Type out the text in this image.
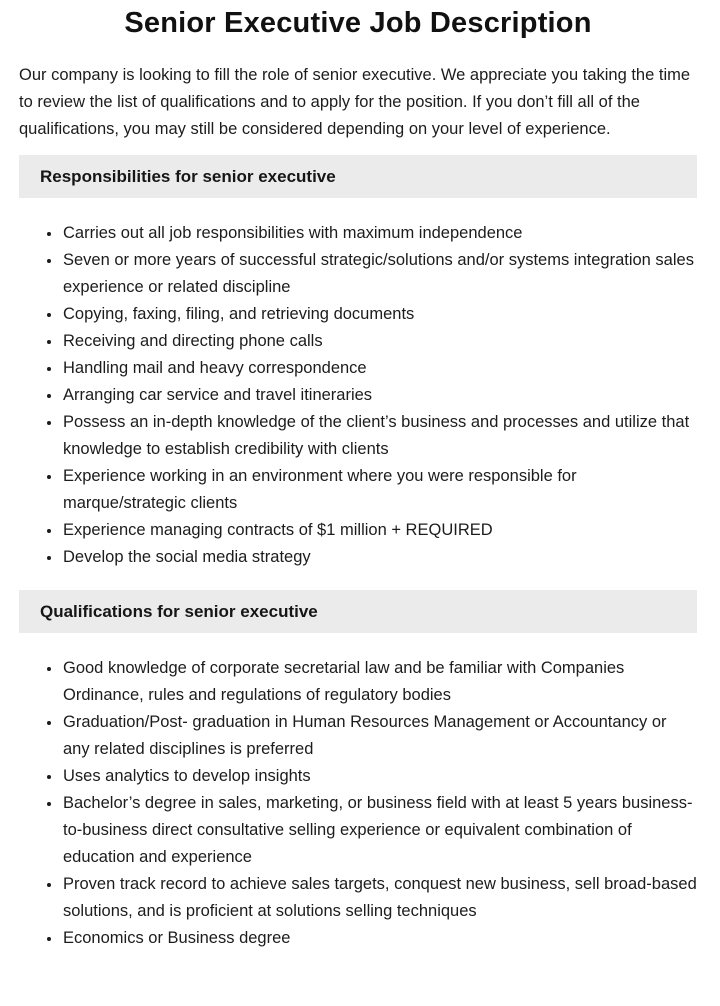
Senior Executive Job Description

Our company is looking to fill the role of senior executive. We appreciate you taking the time to review the list of qualifications and to apply for the position. If you don’t fill all of the qualifications, you may still be considered depending on your level of experience.

Responsibilities for senior executive
• Carries out all job responsibilities with maximum independence
• Seven or more years of successful strategic/solutions and/or systems integration sales experience or related discipline
• Copying, faxing, filing, and retrieving documents
• Receiving and directing phone calls
• Handling mail and heavy correspondence
• Arranging car service and travel itineraries
• Possess an in-depth knowledge of the client’s business and processes and utilize that knowledge to establish credibility with clients
• Experience working in an environment where you were responsible for marque/strategic clients
• Experience managing contracts of $1 million + REQUIRED
• Develop the social media strategy
Qualifications for senior executive
• Good knowledge of corporate secretarial law and be familiar with Companies Ordinance, rules and regulations of regulatory bodies
• Graduation/Post- graduation in Human Resources Management or Accountancy or any related disciplines is preferred
• Uses analytics to develop insights
• Bachelor’s degree in sales, marketing, or business field with at least 5 years business-to-business direct consultative selling experience or equivalent combination of education and experience
• Proven track record to achieve sales targets, conquest new business, sell broad-based solutions, and is proficient at solutions selling techniques
• Economics or Business degree
